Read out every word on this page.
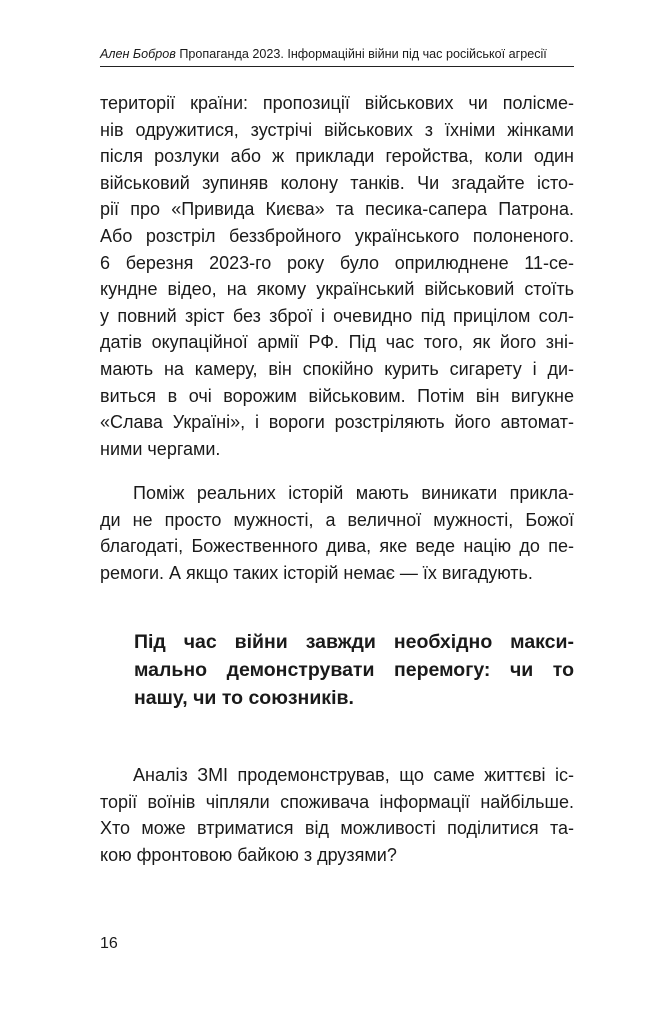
Ален Бобров Пропаганда 2023. Інформаційні війни під час російської агресії
території країни: пропозиції військових чи полісме-
нів одружитися, зустрічі військових з їхніми жінками
після розлуки або ж приклади геройства, коли один
військовий зупиняв колону танків. Чи згадайте істо-
рії про «Привида Києва» та песика-сапера Патрона.
Або розстріл беззбройного українського полоненого.
6 березня 2023-го року було оприлюднене 11-се-
кундне відео, на якому український військовий стоїть
у повний зріст без зброї і очевидно під прицілом сол-
датів окупаційної армії РФ. Під час того, як його зні-
мають на камеру, він спокійно курить сигарету і ди-
виться в очі ворожим військовим. Потім він вигукне
«Слава Україні», і вороги розстріляють його автомат-
ними чергами.
Поміж реальних історій мають виникати прикла-
ди не просто мужності, а величної мужності, Божої
благодаті, Божественного дива, яке веде націю до пе-
ремоги. А якщо таких історій немає — їх вигадують.
Під час війни завжди необхідно макси-
мально демонструвати перемогу: чи то
нашу, чи то союзників.
Аналіз ЗМІ продемонстрував, що саме життєві іс-
торії воїнів чіпляли споживача інформації найбільше.
Хто може втриматися від можливості поділитися та-
кою фронтовою байкою з друзями?
16
